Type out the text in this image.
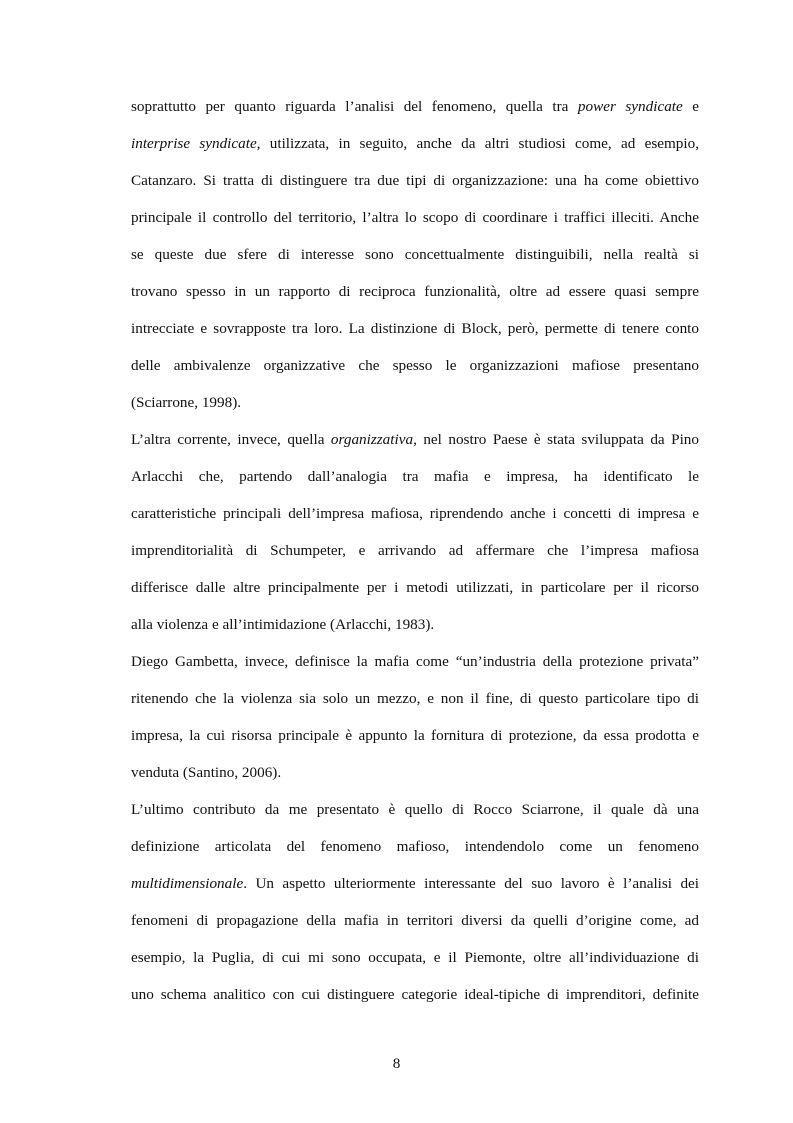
soprattutto per quanto riguarda l’analisi del fenomeno, quella tra power syndicate e
interprise syndicate, utilizzata, in seguito, anche da altri studiosi come, ad esempio,
Catanzaro. Si tratta di distinguere tra due tipi di organizzazione: una ha come obiettivo
principale il controllo del territorio, l’altra lo scopo di coordinare i traffici illeciti. Anche
se queste due sfere di interesse sono concettualmente distinguibili, nella realtà si
trovano spesso in un rapporto di reciproca funzionalità, oltre ad essere quasi sempre
intrecciate e sovrapposte tra loro. La distinzione di Block, però, permette di tenere conto
delle ambivalenze organizzative che spesso le organizzazioni mafiose presentano
(Sciarrone, 1998).
L’altra corrente, invece, quella organizzativa, nel nostro Paese è stata sviluppata da Pino
Arlacchi che, partendo dall’analogia tra mafia e impresa, ha identificato le
caratteristiche principali dell’impresa mafiosa, riprendendo anche i concetti di impresa e
imprenditorialità di Schumpeter, e arrivando ad affermare che l’impresa mafiosa
differisce dalle altre principalmente per i metodi utilizzati, in particolare per il ricorso
alla violenza e all’intimidazione (Arlacchi, 1983).
Diego Gambetta, invece, definisce la mafia come “un’industria della protezione privata”
ritenendo che la violenza sia solo un mezzo, e non il fine, di questo particolare tipo di
impresa, la cui risorsa principale è appunto la fornitura di protezione, da essa prodotta e
venduta (Santino, 2006).
L’ultimo contributo da me presentato è quello di Rocco Sciarrone, il quale dà una
definizione articolata del fenomeno mafioso, intendendolo come un fenomeno
multidimensionale. Un aspetto ulteriormente interessante del suo lavoro è l’analisi dei
fenomeni di propagazione della mafia in territori diversi da quelli d’origine come, ad
esempio, la Puglia, di cui mi sono occupata, e il Piemonte, oltre all’individuazione di
uno schema analitico con cui distinguere categorie ideal-tipiche di imprenditori, definite
8
